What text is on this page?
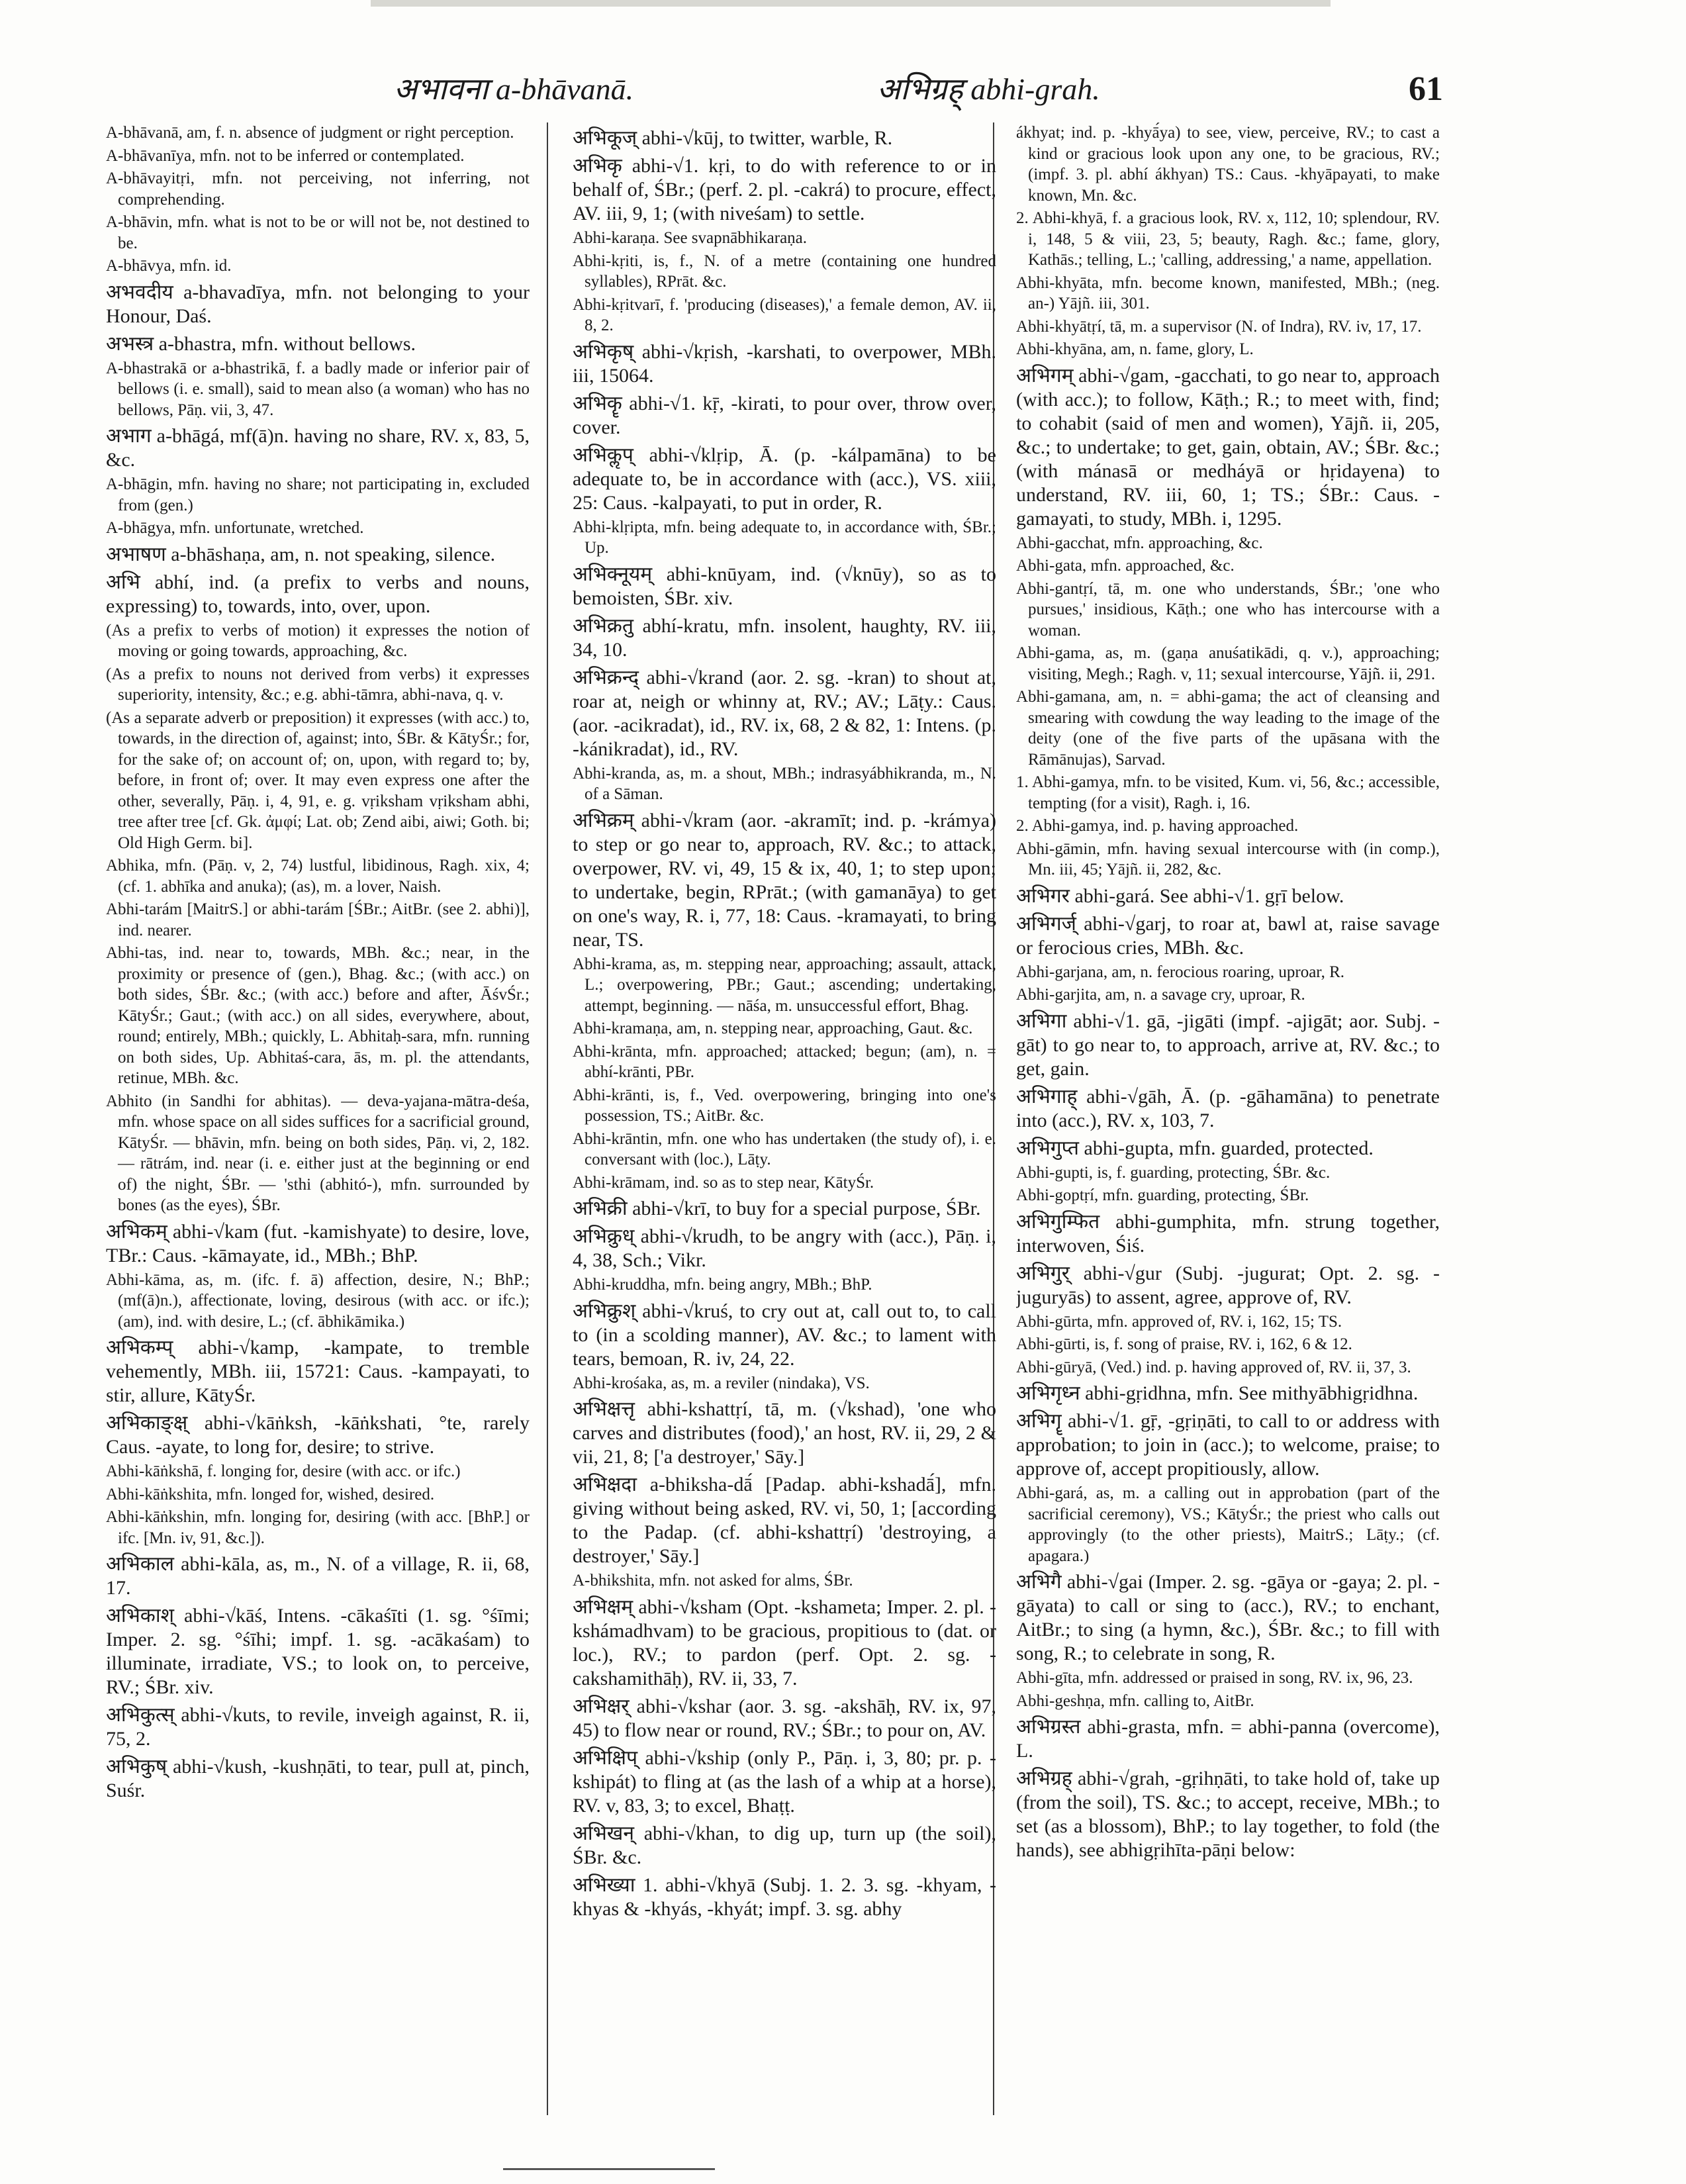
अभावना a-bhāvanā.	अभिग्रह् abhi-grah.	61

A-bhāvanā, am, f. n. absence of judgment or right perception.

A-bhāvanīya, mfn. not to be inferred or contemplated.

A-bhāvayitṛi, mfn. not perceiving, not inferring, not comprehending.

A-bhāvin, mfn. what is not to be or will not be, not destined to be.

A-bhāvya, mfn. id.

अभवदीय a-bhavadīya, mfn. not belonging to your Honour, Daś.

अभस्त्र a-bhastra, mfn. without bellows.

A-bhastrakā or a-bhastrikā, f. a badly made or inferior pair of bellows (i. e. small), said to mean also (a woman) who has no bellows, Pāṇ. vii, 3, 47.

अभाग a-bhāgá, mf(ā)n. having no share, RV. x, 83, 5, &c.

A-bhāgin, mfn. having no share; not participating in, excluded from (gen.)

A-bhāgya, mfn. unfortunate, wretched.

अभाषण a-bhāshaṇa, am, n. not speaking, silence.

अभि abhí, ind. (a prefix to verbs and nouns, expressing) to, towards, into, over, upon.

(As a prefix to verbs of motion) it expresses the notion of moving or going towards, approaching, &c.

(As a prefix to nouns not derived from verbs) it expresses superiority, intensity, &c.; e.g. abhi-tāmra, abhi-nava, q. v.

(As a separate adverb or preposition) it expresses (with acc.) to, towards, in the direction of, against; into, ŚBr. & KātyŚr.; for, for the sake of; on account of; on, upon, with regard to; by, before, in front of; over. It may even express one after the other, severally, Pāṇ. i, 4, 91, e. g. vṛiksham vṛiksham abhi, tree after tree [cf. Gk. ἀμφί; Lat. ob; Zend aibi, aiwi; Goth. bi; Old High Germ. bi].

Abhika, mfn. (Pāṇ. v, 2, 74) lustful, libidinous, Ragh. xix, 4; (cf. 1. abhīka and anuka); (as), m. a lover, Naish.

Abhi-tarám [MaitrS.] or abhi-tarám [ŚBr.; AitBr. (see 2. abhi)], ind. nearer.

Abhi-tas, ind. near to, towards, MBh. &c.; near, in the proximity or presence of (gen.), Bhag. &c.; (with acc.) on both sides, ŚBr. &c.; (with acc.) before and after, ĀśvŚr.; KātyŚr.; Gaut.; (with acc.) on all sides, everywhere, about, round; entirely, MBh.; quickly, L. Abhitaḥ-sara, mfn. running on both sides, Up. Abhitaś-cara, ās, m. pl. the attendants, retinue, MBh. &c.

Abhito (in Sandhi for abhitas). — deva-yajana-mātra-deśa, mfn. whose space on all sides suffices for a sacrificial ground, KātyŚr. — bhāvin, mfn. being on both sides, Pāṇ. vi, 2, 182. — rātrám, ind. near (i. e. either just at the beginning or end of) the night, ŚBr. — 'sthi (abhitó-), mfn. surrounded by bones (as the eyes), ŚBr.

अभिकम् abhi-√kam (fut. -kamishyate) to desire, love, TBr.: Caus. -kāmayate, id., MBh.; BhP.

Abhi-kāma, as, m. (ifc. f. ā) affection, desire, N.; BhP.; (mf(ā)n.), affectionate, loving, desirous (with acc. or ifc.); (am), ind. with desire, L.; (cf. ābhikāmika.)

अभिकम्प् abhi-√kamp, -kampate, to tremble vehemently, MBh. iii, 15721: Caus. -kampayati, to stir, allure, KātyŚr.

अभिकाङ्क्ष् abhi-√kāṅksh, -kāṅkshati, °te, rarely Caus. -ayate, to long for, desire; to strive.

Abhi-kāṅkshā, f. longing for, desire (with acc. or ifc.)

Abhi-kāṅkshita, mfn. longed for, wished, desired.

Abhi-kāṅkshin, mfn. longing for, desiring (with acc. [BhP.] or ifc. [Mn. iv, 91, &c.]).

अभिकाल abhi-kāla, as, m., N. of a village, R. ii, 68, 17.

अभिकाश् abhi-√kāś, Intens. -cākaśīti (1. sg. °śīmi; Imper. 2. sg. °śīhi; impf. 1. sg. -acākaśam) to illuminate, irradiate, VS.; to look on, to perceive, RV.; ŚBr. xiv.

अभिकुत्स् abhi-√kuts, to revile, inveigh against, R. ii, 75, 2.

अभिकुष् abhi-√kush, -kushṇāti, to tear, pull at, pinch, Suśr.

अभिकूज् abhi-√kūj, to twitter, warble, R.

अभिकृ abhi-√1. kṛi, to do with reference to or in behalf of, ŚBr.; (perf. 2. pl. -cakrá) to procure, effect, AV. iii, 9, 1; (with niveśam) to settle.

Abhi-karaṇa. See svapnābhikaraṇa.

Abhi-kṛiti, is, f., N. of a metre (containing one hundred syllables), RPrāt. &c.

Abhi-kṛitvarī, f. 'producing (diseases),' a female demon, AV. ii, 8, 2.

अभिकृष् abhi-√kṛish, -karshati, to overpower, MBh. iii, 15064.

अभिकॄ abhi-√1. kṝ, -kirati, to pour over, throw over, cover.

अभिकॢप् abhi-√klṛip, Ā. (p. -kálpamāna) to be adequate to, be in accordance with (acc.), VS. xiii, 25: Caus. -kalpayati, to put in order, R.

Abhi-klṛipta, mfn. being adequate to, in accordance with, ŚBr.; Up.

अभिक्नूयम् abhi-knūyam, ind. (√knūy), so as to bemoisten, ŚBr. xiv.

अभिक्रतु abhí-kratu, mfn. insolent, haughty, RV. iii, 34, 10.

अभिक्रन्द् abhi-√krand (aor. 2. sg. -kran) to shout at, roar at, neigh or whinny at, RV.; AV.; Lāṭy.: Caus. (aor. -acikradat), id., RV. ix, 68, 2 & 82, 1: Intens. (p. -kánikradat), id., RV.

Abhi-kranda, as, m. a shout, MBh.; indrasyábhikranda, m., N. of a Sāman.

अभिक्रम् abhi-√kram (aor. -akramīt; ind. p. -krámya) to step or go near to, approach, RV. &c.; to attack, overpower, RV. vi, 49, 15 & ix, 40, 1; to step upon; to undertake, begin, RPrāt.; (with gamanāya) to get on one's way, R. i, 77, 18: Caus. -kramayati, to bring near, TS.

Abhi-krama, as, m. stepping near, approaching; assault, attack, L.; overpowering, PBr.; Gaut.; ascending; undertaking, attempt, beginning. — nāśa, m. unsuccessful effort, Bhag.

Abhi-kramaṇa, am, n. stepping near, approaching, Gaut. &c.

Abhi-krānta, mfn. approached; attacked; begun; (am), n. = abhí-krānti, PBr.

Abhi-krānti, is, f., Ved. overpowering, bringing into one's possession, TS.; AitBr. &c.

Abhi-krāntin, mfn. one who has undertaken (the study of), i. e. conversant with (loc.), Lāṭy.

Abhi-krāmam, ind. so as to step near, KātyŚr.

अभिक्री abhi-√krī, to buy for a special purpose, ŚBr.

अभिक्रुध् abhi-√krudh, to be angry with (acc.), Pāṇ. i, 4, 38, Sch.; Vikr.

Abhi-kruddha, mfn. being angry, MBh.; BhP.

अभिक्रुश् abhi-√kruś, to cry out at, call out to, to call to (in a scolding manner), AV. &c.; to lament with tears, bemoan, R. iv, 24, 22.

Abhi-krośaka, as, m. a reviler (nindaka), VS.

अभिक्षत्तृ abhi-kshattṛí, tā, m. (√kshad), 'one who carves and distributes (food),' an host, RV. ii, 29, 2 & vii, 21, 8; ['a destroyer,' Sāy.]

अभिक्षदा a-bhiksha-dā́ [Padap. abhi-kshadā́], mfn. giving without being asked, RV. vi, 50, 1; [according to the Padap. (cf. abhi-kshattṛí) 'destroying, a destroyer,' Sāy.]

A-bhikshita, mfn. not asked for alms, ŚBr.

अभिक्षम् abhi-√ksham (Opt. -kshameta; Imper. 2. pl. -kshámadhvam) to be gracious, propitious to (dat. or loc.), RV.; to pardon (perf. Opt. 2. sg. -cakshamithāḥ), RV. ii, 33, 7.

अभिक्षर् abhi-√kshar (aor. 3. sg. -akshāḥ, RV. ix, 97, 45) to flow near or round, RV.; ŚBr.; to pour on, AV.

अभिक्षिप् abhi-√kship (only P., Pāṇ. i, 3, 80; pr. p. -kshipát) to fling at (as the lash of a whip at a horse), RV. v, 83, 3; to excel, Bhaṭṭ.

अभिखन् abhi-√khan, to dig up, turn up (the soil), ŚBr. &c.

अभिख्या 1. abhi-√khyā (Subj. 1. 2. 3. sg. -khyam, -khyas & -khyás, -khyát; impf. 3. sg. abhy

ákhyat; ind. p. -khyā́ya) to see, view, perceive, RV.; to cast a kind or gracious look upon any one, to be gracious, RV.; (impf. 3. pl. abhí ákhyan) TS.: Caus. -khyāpayati, to make known, Mn. &c.

2. Abhi-khyā, f. a gracious look, RV. x, 112, 10; splendour, RV. i, 148, 5 & viii, 23, 5; beauty, Ragh. &c.; fame, glory, Kathās.; telling, L.; 'calling, addressing,' a name, appellation.

Abhi-khyāta, mfn. become known, manifested, MBh.; (neg. an-) Yājñ. iii, 301.

Abhi-khyātṛí, tā, m. a supervisor (N. of Indra), RV. iv, 17, 17.

Abhi-khyāna, am, n. fame, glory, L.

अभिगम् abhi-√gam, -gacchati, to go near to, approach (with acc.); to follow, Kāṭh.; R.; to meet with, find; to cohabit (said of men and women), Yājñ. ii, 205, &c.; to undertake; to get, gain, obtain, AV.; ŚBr. &c.; (with mánasā or medháyā or hṛidayena) to understand, RV. iii, 60, 1; TS.; ŚBr.: Caus. -gamayati, to study, MBh. i, 1295.

Abhi-gacchat, mfn. approaching, &c.

Abhi-gata, mfn. approached, &c.

Abhi-gantṛí, tā, m. one who understands, ŚBr.; 'one who pursues,' insidious, Kāṭh.; one who has intercourse with a woman.

Abhi-gama, as, m. (gaṇa anuśatikādi, q. v.), approaching; visiting, Megh.; Ragh. v, 11; sexual intercourse, Yājñ. ii, 291.

Abhi-gamana, am, n. = abhi-gama; the act of cleansing and smearing with cowdung the way leading to the image of the deity (one of the five parts of the upāsana with the Rāmānujas), Sarvad.

1. Abhi-gamya, mfn. to be visited, Kum. vi, 56, &c.; accessible, tempting (for a visit), Ragh. i, 16.

2. Abhi-gamya, ind. p. having approached.

Abhi-gāmin, mfn. having sexual intercourse with (in comp.), Mn. iii, 45; Yājñ. ii, 282, &c.

अभिगर abhi-gará. See abhi-√1. gṛī below.

अभिगर्ज् abhi-√garj, to roar at, bawl at, raise savage or ferocious cries, MBh. &c.

Abhi-garjana, am, n. ferocious roaring, uproar, R.

Abhi-garjita, am, n. a savage cry, uproar, R.

अभिगा abhi-√1. gā, -jigāti (impf. -ajigāt; aor. Subj. -gāt) to go near to, to approach, arrive at, RV. &c.; to get, gain.

अभिगाह् abhi-√gāh, Ā. (p. -gāhamāna) to penetrate into (acc.), RV. x, 103, 7.

अभिगुप्त abhi-gupta, mfn. guarded, protected.

Abhi-gupti, is, f. guarding, protecting, ŚBr. &c.

Abhi-goptṛí, mfn. guarding, protecting, ŚBr.

अभिगुम्फित abhi-gumphita, mfn. strung together, interwoven, Śiś.

अभिगुर् abhi-√gur (Subj. -jugurat; Opt. 2. sg. -juguryās) to assent, agree, approve of, RV.

Abhi-gūrta, mfn. approved of, RV. i, 162, 15; TS.

Abhi-gūrti, is, f. song of praise, RV. i, 162, 6 & 12.

Abhi-gūryā, (Ved.) ind. p. having approved of, RV. ii, 37, 3.

अभिगृध्न abhi-gṛidhna, mfn. See mithyābhigṛidhna.

अभिगॄ abhi-√1. gṝ, -gṛiṇāti, to call to or address with approbation; to join in (acc.); to welcome, praise; to approve of, accept propitiously, allow.

Abhi-gará, as, m. a calling out in approbation (part of the sacrificial ceremony), VS.; KātyŚr.; the priest who calls out approvingly (to the other priests), MaitrS.; Lāṭy.; (cf. apagara.)

अभिगै abhi-√gai (Imper. 2. sg. -gāya or -gaya; 2. pl. -gāyata) to call or sing to (acc.), RV.; to enchant, AitBr.; to sing (a hymn, &c.), ŚBr. &c.; to fill with song, R.; to celebrate in song, R.

Abhi-gīta, mfn. addressed or praised in song, RV. ix, 96, 23.

Abhi-geshṇa, mfn. calling to, AitBr.

अभिग्रस्त abhi-grasta, mfn. = abhi-panna (overcome), L.

अभिग्रह् abhi-√grah, -gṛihṇāti, to take hold of, take up (from the soil), TS. &c.; to accept, receive, MBh.; to set (as a blossom), BhP.; to lay together, to fold (the hands), see abhigṛihīta-pāṇi below:
